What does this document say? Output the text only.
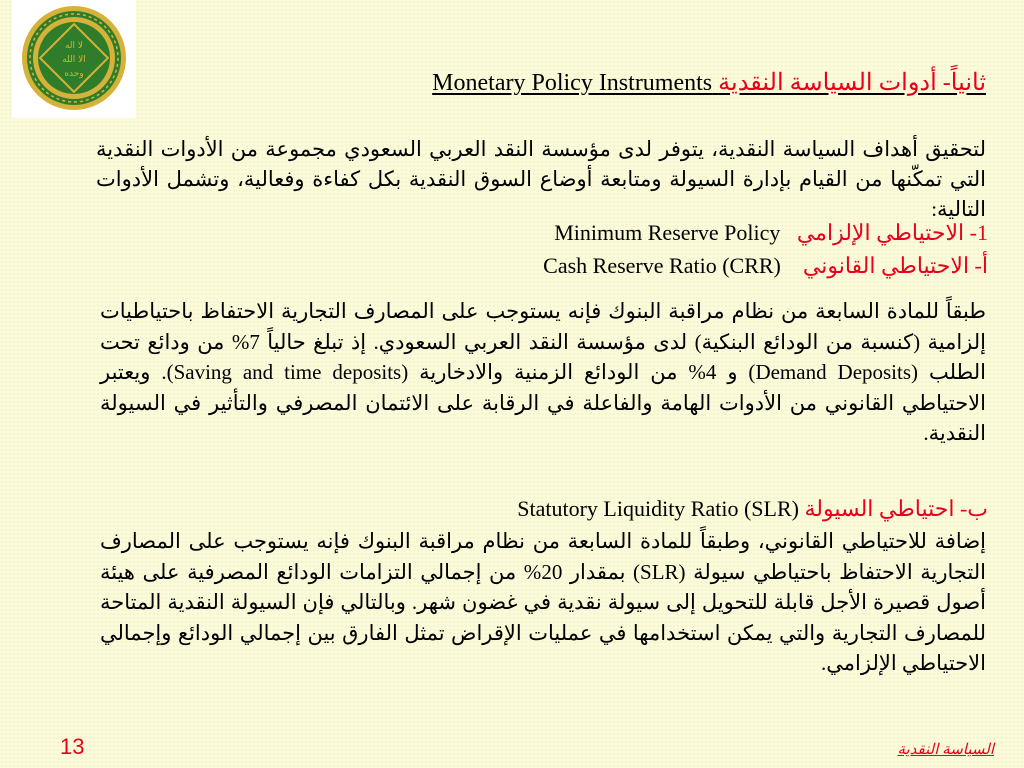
لا اله
الا الله
وحده	ثانياً- أدوات السياسة النقدية Monetary Policy Instruments
لتحقيق أهداف السياسة النقدية، يتوفر لدى مؤسسة النقد العربي السعودي مجموعة من الأدوات النقدية التي تمكّنها من القيام بإدارة السيولة ومتابعة أوضاع السوق النقدية بكل كفاءة وفعالية، وتشمل الأدوات التالية:
1- الاحتياطي الإلزامي   Minimum Reserve Policy
أ- الاحتياطي القانوني    Cash Reserve Ratio (CRR)
طبقاً للمادة السابعة من نظام مراقبة البنوك فإنه يستوجب على المصارف التجارية الاحتفاظ باحتياطيات إلزامية (كنسبة من الودائع البنكية) لدى مؤسسة النقد العربي السعودي. إذ تبلغ حالياً 7% من ودائع تحت الطلب (Demand Deposits) و 4% من الودائع الزمنية والادخارية (Saving and time deposits). ويعتبر الاحتياطي القانوني من الأدوات الهامة والفاعلة في الرقابة على الائتمان المصرفي والتأثير في السيولة النقدية.
ب- احتياطي السيولة Statutory Liquidity Ratio (SLR)
إضافة للاحتياطي القانوني، وطبقاً للمادة السابعة من نظام مراقبة البنوك فإنه يستوجب على المصارف التجارية الاحتفاظ باحتياطي سيولة (SLR) بمقدار 20% من إجمالي التزامات الودائع المصرفية على هيئة أصول قصيرة الأجل قابلة للتحويل إلى سيولة نقدية في غضون شهر. وبالتالي فإن السيولة النقدية المتاحة للمصارف التجارية والتي يمكن استخدامها في عمليات الإقراض تمثل الفارق بين إجمالي الودائع وإجمالي الاحتياطي الإلزامي.
13	السياسة النقدية
